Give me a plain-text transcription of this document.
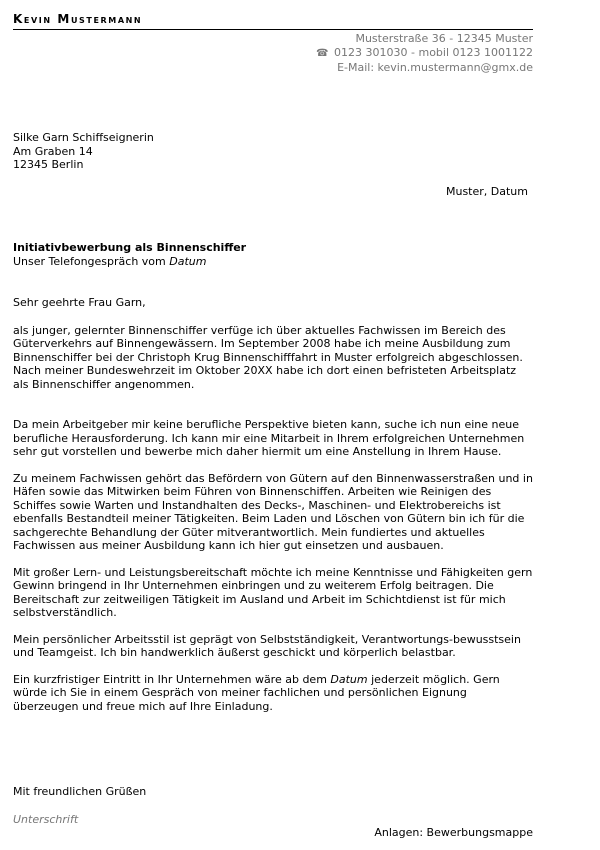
Kevin Mustermann
Musterstraße 36 - 12345 Muster
☎ 0123 301030 - mobil 0123 1001122
E-Mail: kevin.mustermann@gmx.de
Silke Garn Schiffseignerin
Am Graben 14
12345 Berlin
Muster, Datum
Initiativbewerbung als Binnenschiffer
Unser Telefongespräch vom Datum

Sehr geehrte Frau Garn,

als junger, gelernter Binnenschiffer verfüge ich über aktuelles Fachwissen im Bereich des Güterverkehrs auf Binnengewässern. Im September 2008 habe ich meine Ausbildung zum Binnenschiffer bei der Christoph Krug Binnenschifffahrt in Muster erfolgreich abgeschlossen. Nach meiner Bundeswehrzeit im Oktober 20XX habe ich dort einen befristeten Arbeitsplatz als Binnenschiffer angenommen.

Da mein Arbeitgeber mir keine berufliche Perspektive bieten kann, suche ich nun eine neue berufliche Herausforderung. Ich kann mir eine Mitarbeit in Ihrem erfolgreichen Unternehmen sehr gut vorstellen und bewerbe mich daher hiermit um eine Anstellung in Ihrem Hause.

Zu meinem Fachwissen gehört das Befördern von Gütern auf den Binnenwasserstraßen und in Häfen sowie das Mitwirken beim Führen von Binnenschiffen. Arbeiten wie Reinigen des Schiffes sowie Warten und Instandhalten des Decks-, Maschinen- und Elektrobereichs ist ebenfalls Bestandteil meiner Tätigkeiten. Beim Laden und Löschen von Gütern bin ich für die sachgerechte Behandlung der Güter mitverantwortlich. Mein fundiertes und aktuelles Fachwissen aus meiner Ausbildung kann ich hier gut einsetzen und ausbauen.

Mit großer Lern- und Leistungsbereitschaft möchte ich meine Kenntnisse und Fähigkeiten gern Gewinn bringend in Ihr Unternehmen einbringen und zu weiterem Erfolg beitragen. Die Bereitschaft zur zeitweiligen Tätigkeit im Ausland und Arbeit im Schichtdienst ist für mich selbstverständlich.

Mein persönlicher Arbeitsstil ist geprägt von Selbstständigkeit, Verantwortungs-bewusstsein und Teamgeist. Ich bin handwerklich äußerst geschickt und körperlich belastbar.

Ein kurzfristiger Eintritt in Ihr Unternehmen wäre ab dem Datum jederzeit möglich. Gern würde ich Sie in einem Gespräch von meiner fachlichen und persönlichen Eignung überzeugen und freue mich auf Ihre Einladung.

Mit freundlichen Grüßen
Unterschrift
Anlagen: Bewerbungsmappe
